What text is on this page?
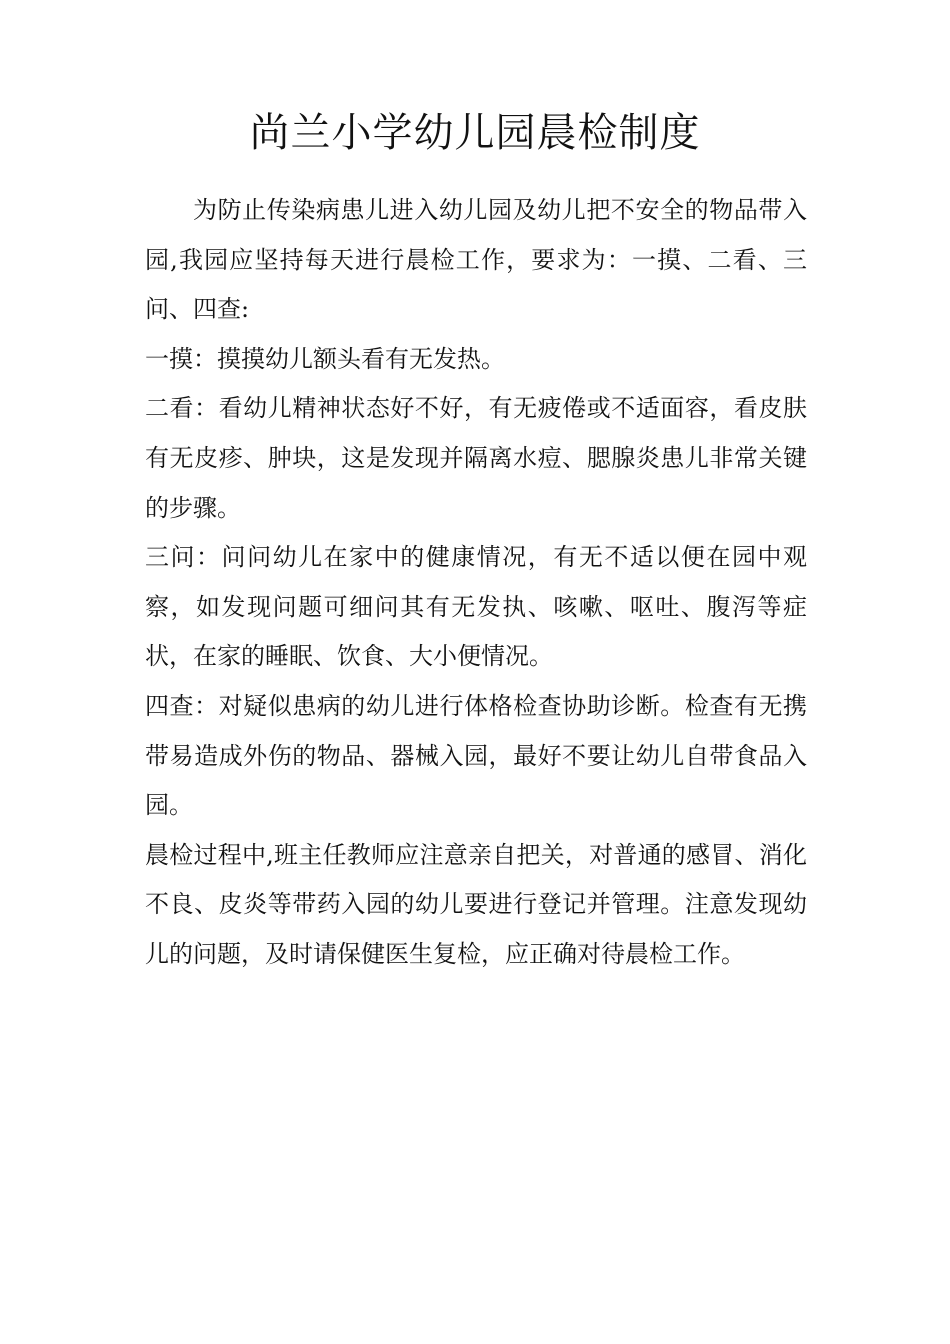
尚兰小学幼儿园晨检制度

为防止传染病患儿进入幼儿园及幼儿把不安全的物品带入园,我园应坚持每天进行晨检工作，要求为：一摸、二看、三问、四查:

一摸：摸摸幼儿额头看有无发热。

二看：看幼儿精神状态好不好，有无疲倦或不适面容，看皮肤有无皮疹、肿块，这是发现并隔离水痘、腮腺炎患儿非常关键的步骤。

三问：问问幼儿在家中的健康情况，有无不适以便在园中观察，如发现问题可细问其有无发执、咳嗽、呕吐、腹泻等症状，在家的睡眠、饮食、大小便情况。

四查：对疑似患病的幼儿进行体格检查协助诊断。检查有无携带易造成外伤的物品、器械入园，最好不要让幼儿自带食品入园。

晨检过程中,班主任教师应注意亲自把关，对普通的感冒、消化不良、皮炎等带药入园的幼儿要进行登记并管理。注意发现幼儿的问题，及时请保健医生复检，应正确对待晨检工作。
